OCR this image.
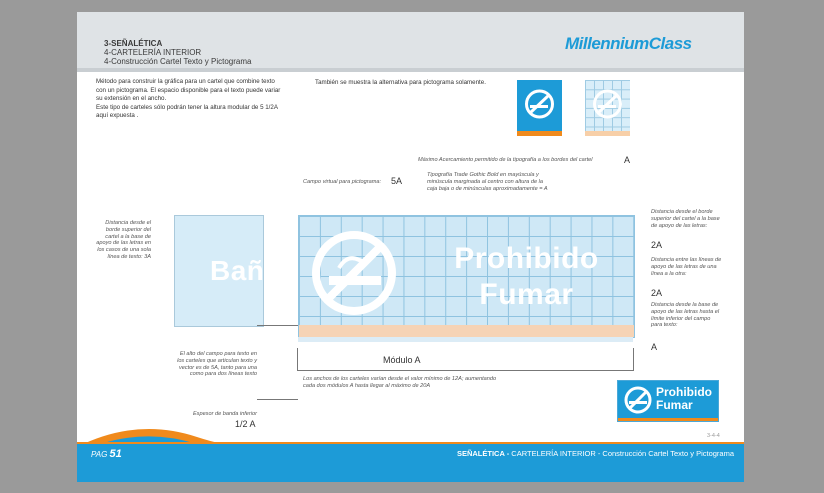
3-SEÑALÉTICA
4-CARTELERÍA INTERIOR
4-Construcción Cartel Texto y Pictograma
MillenniumClass
Método para construir la gráfica para un cartel que combine texto
con un pictograma. El espacio disponible para el texto puede variar
su extensión en el ancho.
Este tipo de carteles sólo podrán tener la altura modular de 5 1/2A
aquí expuesta .
También se muestra la alternativa para pictograma solamente.
Máximo Acercamiento permitido de la tipografía a los bordes del cartel	A
Tipografía Trade Gothic Bold en mayúscula y minúscula marginada al centro con altura de la caja baja o de minúsculas aproximadamente = A
Campo virtual para pictograma: 5A
Baño
Distancia desde el borde superior del cartel a la base de apoyo de las letras en los casos de una sola línea de texto: 3A	Prohibido
Fumar
Distancia desde el borde superior del cartel a la base de apoyo de las letras:
2A
Distancia entre las líneas de apoyo de las letras de una línea a la otra:
2A
Distancia desde la base de apoyo de las letras hasta el límite inferior del campo para texto:
A
El alto del campo para texto en los carteles que articulan texto y vector es de 5A, tanto para una como para dos líneas texto
Espesor de banda inferior
1/2 A
Módulo A
Los anchos de los carteles varían desde el valor mínimo de 12A; aumentando cada dos módulos A hasta llegar al máximo de 20A	Prohibido
Fumar
3-4-4
PAG 51	SEÑALÉTICA - CARTELERÍA INTERIOR - Construcción Cartel Texto y Pictograma
